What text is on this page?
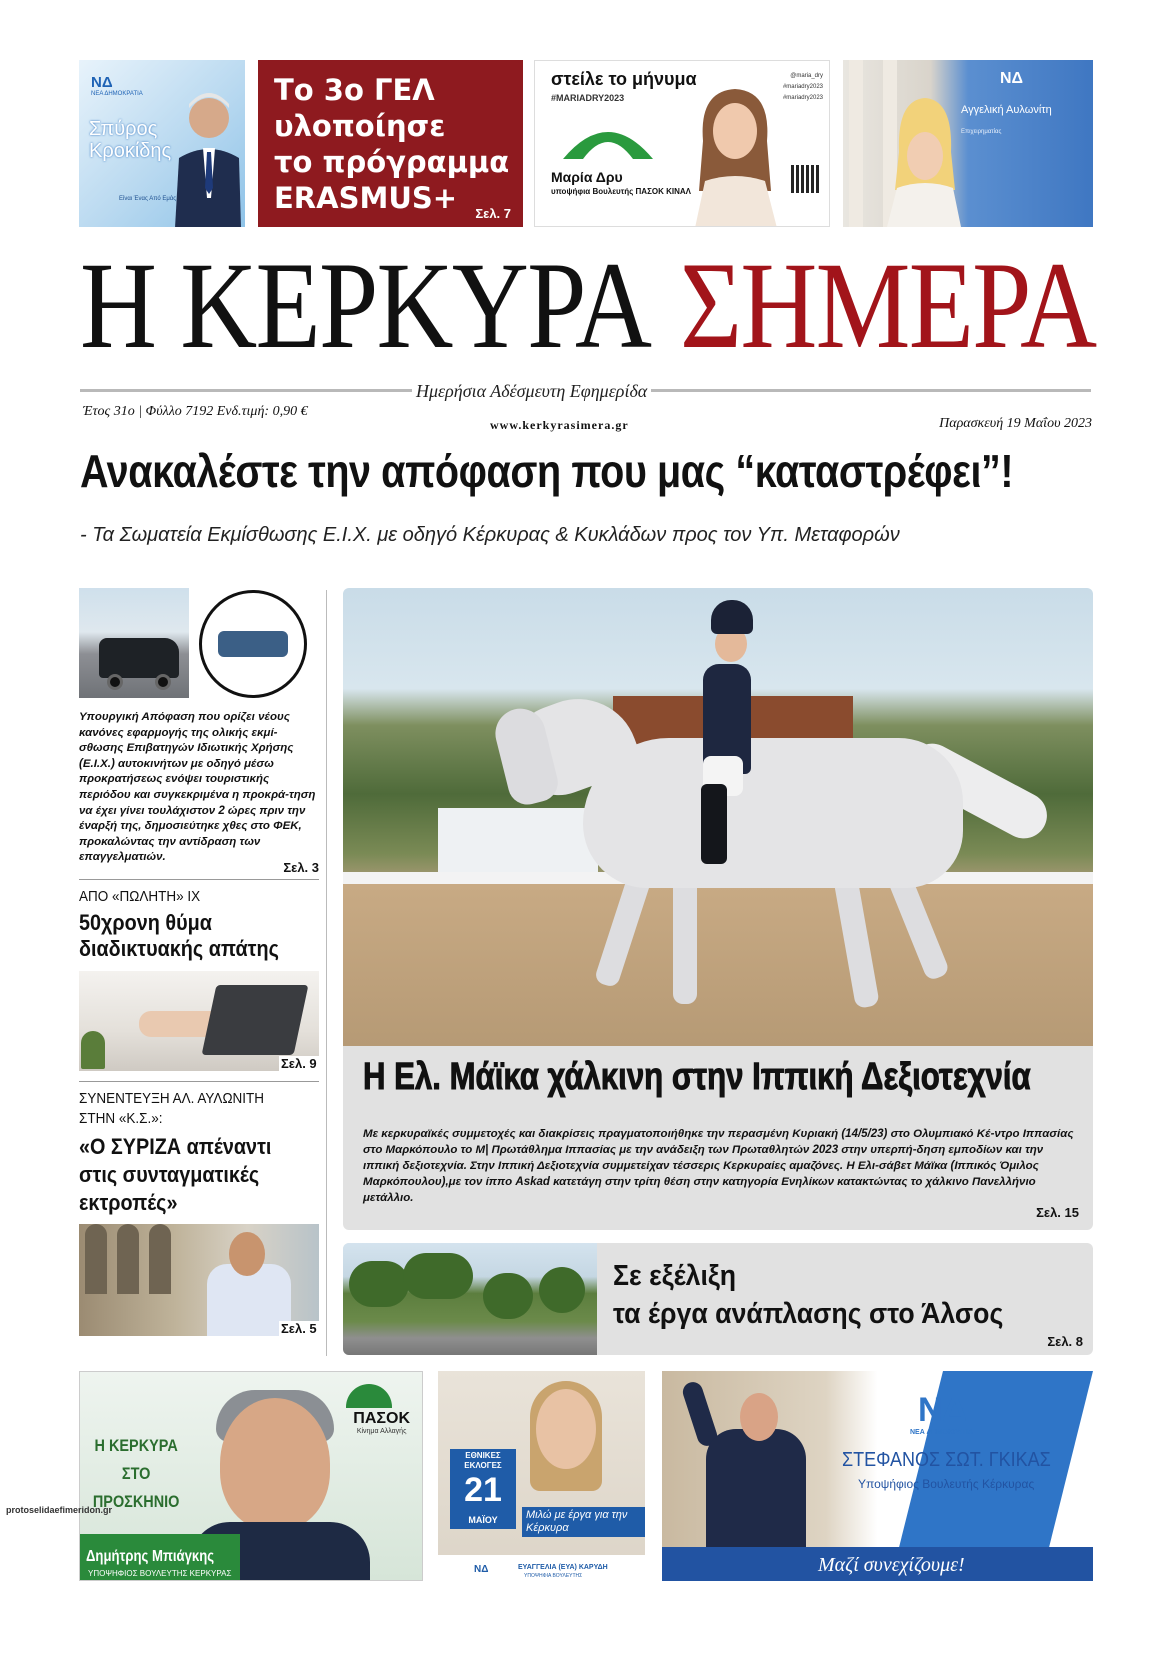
ΝΔ
ΝΕΑ ΔΗΜΟΚΡΑΤΙΑ
Σπύρος Κροκίδης
Είναι Ένας Από Εμάς
Το 3ο ΓΕΛ
υλοποίησε
το πρόγραμμα
ERASMUS+	Σελ. 7
στείλε το μήνυμα
#MARIADRY2023
@maria_dry
#mariadry2023
#mariadry2023
Μαρία Δρυ
υποψήφια Βουλευτής ΠΑΣΟΚ ΚΙΝΑΛ
ΝΔ
Αγγελική Αυλωνίτη
Επιχειρηματίας
Η ΚΕΡΚΥΡΑ ΣΗΜΕΡΑ
Ημερήσια Αδέσμευτη Εφημερίδα
Έτος 31ο | Φύλλο 7192 Ενδ.τιμή: 0,90 €
www.kerkyrasimera.gr	Παρασκευή 19 Μαΐου 2023
Ανακαλέστε την απόφαση που μας “καταστρέφει”!
- Τα Σωματεία Εκμίσθωσης Ε.Ι.Χ. με οδηγό Κέρκυρας & Κυκλάδων προς τον Υπ. Μεταφορών
Υπουργική Απόφαση που ορίζει νέους κανόνες εφαρμογής της ολικής εκμί-σθωσης Επιβατηγών Ιδιωτικής Χρήσης (Ε.Ι.Χ.) αυτοκινήτων με οδηγό μέσω προκρατήσεως ενόψει τουριστικής περιόδου και συγκεκριμένα η προκρά-τηση να έχει γίνει τουλάχιστον 2 ώρες πριν την έναρξή της, δημοσιεύτηκε χθες στο ΦΕΚ, προκαλώντας την αντίδραση των επαγγελματιών.
Σελ. 3
ΑΠΟ «ΠΩΛΗΤΗ» ΙΧ
50χρονη θύμα
διαδικτυακής απάτης
Σελ. 9
ΣΥΝΕΝΤΕΥΞΗ ΑΛ. ΑΥΛΩΝΙΤΗ
ΣΤΗΝ «Κ.Σ.»:
«Ο ΣΥΡΙΖΑ απέναντι
στις συνταγματικές
εκτροπές»
Σελ. 5
Η Ελ. Μάϊκα χάλκινη στην Ιππική Δεξιοτεχνία
Με κερκυραϊκές συμμετοχές και διακρίσεις πραγματοποιήθηκε την περασμένη Κυριακή (14/5/23) στο Ολυμπιακό Κέ-ντρο Ιππασίας στο Μαρκόπουλο το Μ| Πρωτάθλημα Ιππασίας με την ανάδειξη των Πρωταθλητών 2023 στην υπερπή-δηση εμποδίων και την ιππική δεξιοτεχνία. Στην Ιππική Δεξιοτεχνία συμμετείχαν τέσσερις Κερκυραίες αμαζόνες. Η Ελι-σάβετ Μάϊκα (Ιππικός Όμιλος Μαρκόπουλου),με τον ίππο Askad κατετάγη στην τρίτη θέση στην κατηγορία Ενηλίκων κατακτώντας το χάλκινο Πανελλήνιο μετάλλιο.
Σελ. 15
Σε εξέλιξη
τα έργα ανάπλασης στο Άλσος
Σελ. 8
ΠΑΣΟΚ
Κίνημα Αλλαγής
Η ΚΕΡΚΥΡΑ ΣΤΟ ΠΡΟΣΚΗΝΙΟ
Δημήτρης Μπιάγκης
ΥΠΟΨΗΦΙΟΣ ΒΟΥΛΕΥΤΗΣ ΚΕΡΚΥΡΑΣ
ΕΘΝΙΚΕΣ ΕΚΛΟΓΕΣ
21
ΜΑΪΟΥ	Μιλώ με έργα για την Κέρκυρα
ΝΔ	ΕΥΑΓΓΕΛΙΑ (ΕΥΑ) ΚΑΡΥΔΗ
ΥΠΟΨΗΦΙΑ ΒΟΥΛΕΥΤΗΣ
ΝΔ
ΝΕΑ ΔΗΜΟΚΡΑΤΙΑ
ΣΤΕΦΑΝΟΣ ΣΩΤ. ΓΚΙΚΑΣ
Υποψήφιος Βουλευτής Κέρκυρας
Μαζί συνεχίζουμε!
protoselidaefimeridon.gr
